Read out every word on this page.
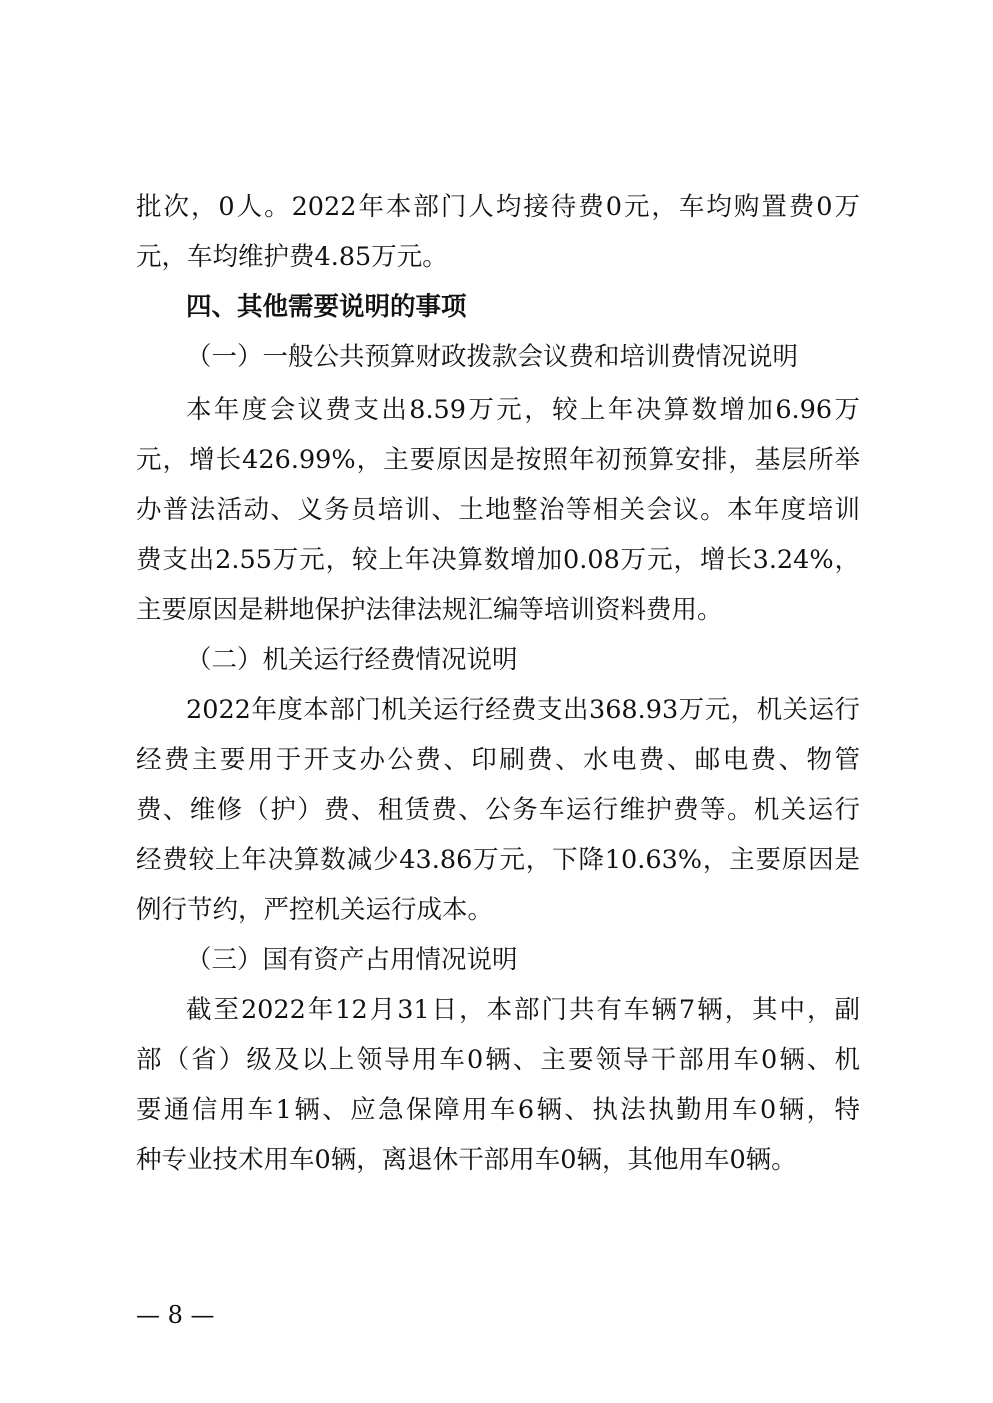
批次，0人。2022年本部门人均接待费0元，车均购置费0万
元，车均维护费4.85万元。
四、其他需要说明的事项
（一）一般公共预算财政拨款会议费和培训费情况说明
本年度会议费支出8.59万元，较上年决算数增加6.96万
元，增长426.99%，主要原因是按照年初预算安排，基层所举
办普法活动、义务员培训、土地整治等相关会议。本年度培训
费支出2.55万元，较上年决算数增加0.08万元，增长3.24%，
主要原因是耕地保护法律法规汇编等培训资料费用。
（二）机关运行经费情况说明
2022年度本部门机关运行经费支出368.93万元，机关运行
经费主要用于开支办公费、印刷费、水电费、邮电费、物管
费、维修（护）费、租赁费、公务车运行维护费等。机关运行
经费较上年决算数减少43.86万元，下降10.63%，主要原因是
例行节约，严控机关运行成本。
（三）国有资产占用情况说明
截至2022年12月31日，本部门共有车辆7辆，其中，副
部（省）级及以上领导用车0辆、主要领导干部用车0辆、机
要通信用车1辆、应急保障用车6辆、执法执勤用车0辆，特
种专业技术用车0辆，离退休干部用车0辆，其他用车0辆。
— 8 —
